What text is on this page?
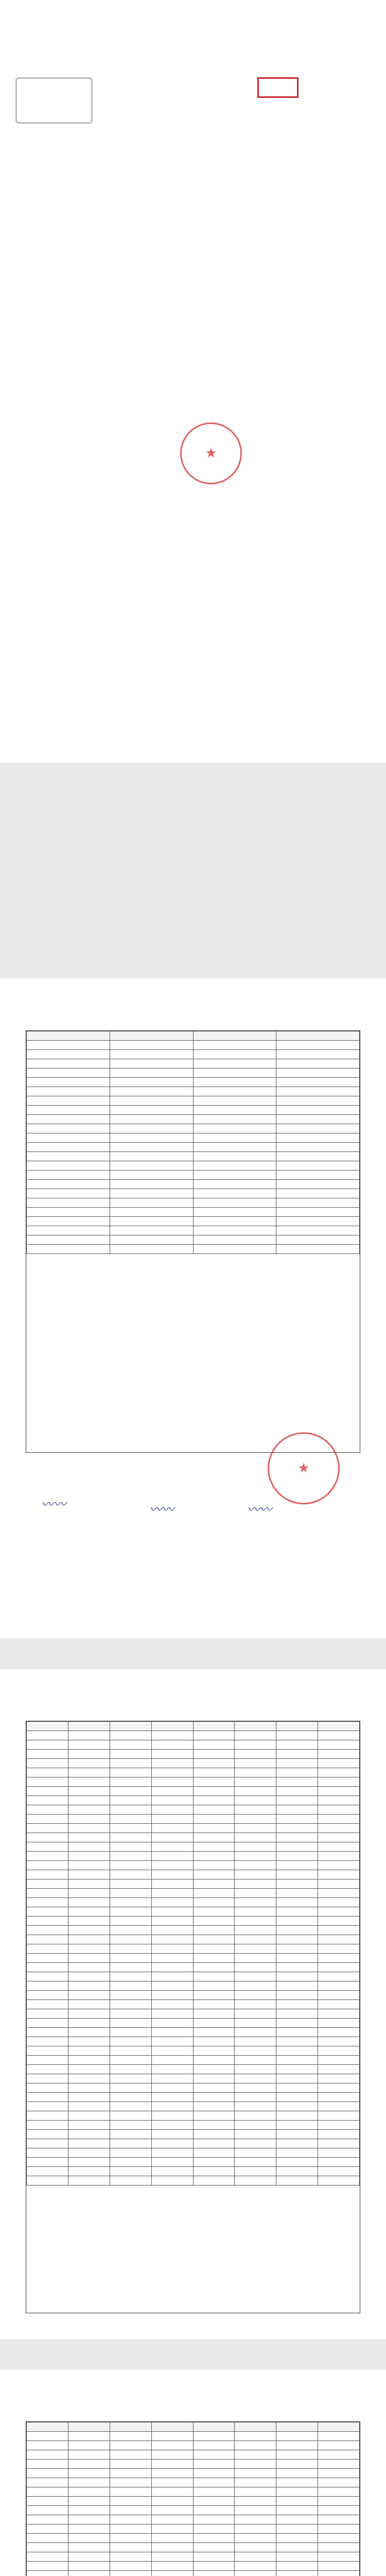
★

★
〰〰	〰〰	〰〰
